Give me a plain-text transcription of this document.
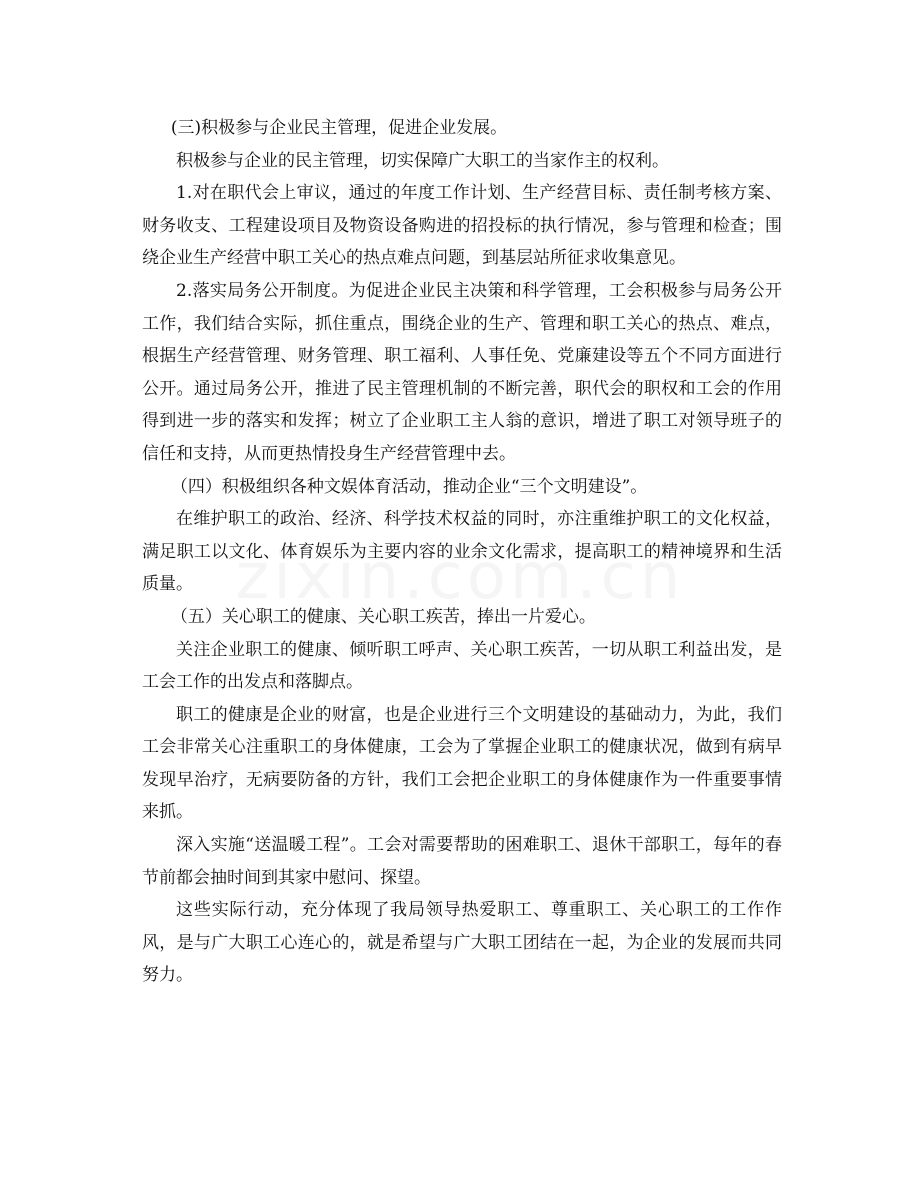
(三)积极参与企业民主管理，促进企业发展。

积极参与企业的民主管理，切实保障广大职工的当家作主的权利。

1.对在职代会上审议，通过的年度工作计划、生产经营目标、责任制考核方案、财务收支、工程建设项目及物资设备购进的招投标的执行情况，参与管理和检查；围绕企业生产经营中职工关心的热点难点问题，到基层站所征求收集意见。

2.落实局务公开制度。为促进企业民主决策和科学管理，工会积极参与局务公开工作，我们结合实际，抓住重点，围绕企业的生产、管理和职工关心的热点、难点，根据生产经营管理、财务管理、职工福利、人事任免、党廉建设等五个不同方面进行公开。通过局务公开，推进了民主管理机制的不断完善，职代会的职权和工会的作用得到进一步的落实和发挥；树立了企业职工主人翁的意识，增进了职工对领导班子的信任和支持，从而更热情投身生产经营管理中去。

（四）积极组织各种文娱体育活动，推动企业“三个文明建设”。

在维护职工的政治、经济、科学技术权益的同时，亦注重维护职工的文化权益，满足职工以文化、体育娱乐为主要内容的业余文化需求，提高职工的精神境界和生活质量。

（五）关心职工的健康、关心职工疾苦，捧出一片爱心。

关注企业职工的健康、倾听职工呼声、关心职工疾苦，一切从职工利益出发，是工会工作的出发点和落脚点。

职工的健康是企业的财富，也是企业进行三个文明建设的基础动力，为此，我们工会非常关心注重职工的身体健康，工会为了掌握企业职工的健康状况，做到有病早发现早治疗，无病要防备的方针，我们工会把企业职工的身体健康作为一件重要事情来抓。

深入实施“送温暖工程”。工会对需要帮助的困难职工、退休干部职工，每年的春节前都会抽时间到其家中慰问、探望。

这些实际行动，充分体现了我局领导热爱职工、尊重职工、关心职工的工作作风，是与广大职工心连心的，就是希望与广大职工团结在一起，为企业的发展而共同努力。
